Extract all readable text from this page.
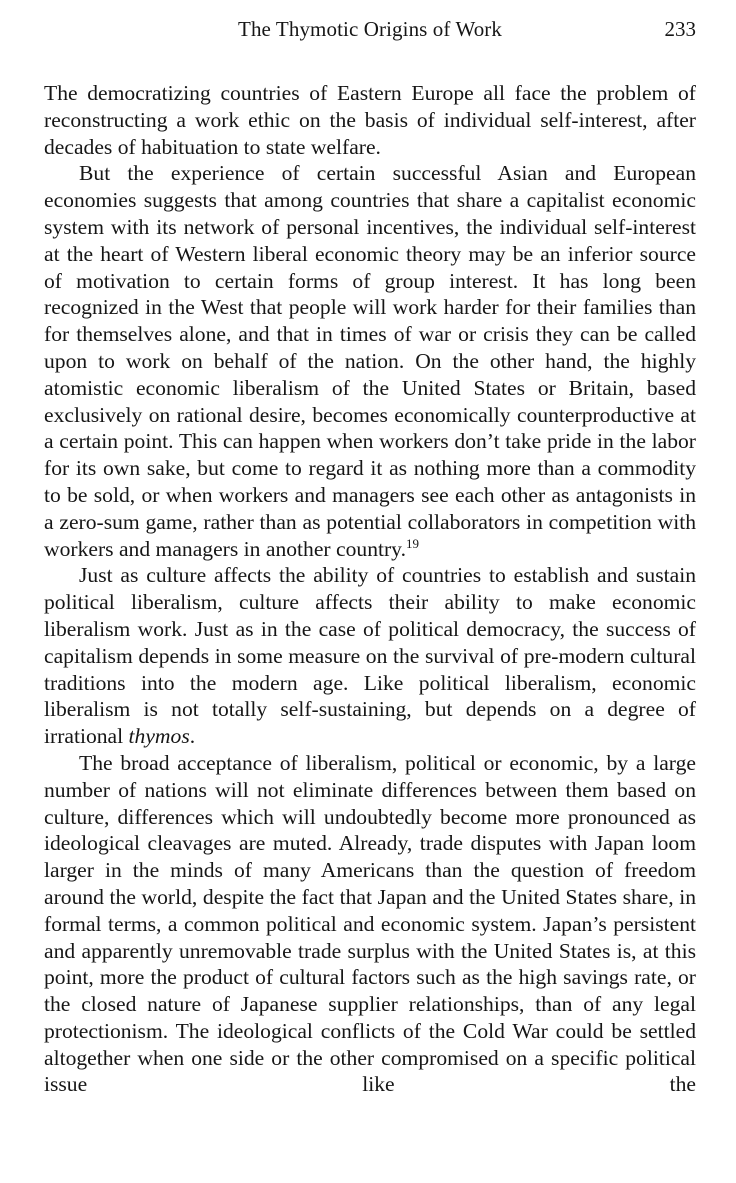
The Thymotic Origins of Work	233

The democratizing countries of Eastern Europe all face the problem of reconstructing a work ethic on the basis of individual self-interest, after decades of habituation to state welfare.

But the experience of certain successful Asian and European economies suggests that among countries that share a capitalist economic system with its network of personal incentives, the individual self-interest at the heart of Western liberal economic theory may be an inferior source of motivation to certain forms of group interest. It has long been recognized in the West that people will work harder for their families than for themselves alone, and that in times of war or crisis they can be called upon to work on behalf of the nation. On the other hand, the highly atomistic economic liberalism of the United States or Britain, based exclusively on rational desire, becomes economically counterproductive at a certain point. This can happen when workers don’t take pride in the labor for its own sake, but come to regard it as nothing more than a commodity to be sold, or when workers and managers see each other as antagonists in a zero-sum game, rather than as potential collaborators in competition with workers and managers in another country.$^{19}$

Just as culture affects the ability of countries to establish and sustain political liberalism, culture affects their ability to make economic liberalism work. Just as in the case of political democracy, the success of capitalism depends in some measure on the survival of pre-modern cultural traditions into the modern age. Like political liberalism, economic liberalism is not totally self-sustaining, but depends on a degree of irrational thymos.

The broad acceptance of liberalism, political or economic, by a large number of nations will not eliminate differences between them based on culture, differences which will undoubtedly become more pronounced as ideological cleavages are muted. Already, trade disputes with Japan loom larger in the minds of many Americans than the question of freedom around the world, despite the fact that Japan and the United States share, in formal terms, a common political and economic system. Japan’s persistent and apparently unremovable trade surplus with the United States is, at this point, more the product of cultural factors such as the high savings rate, or the closed nature of Japanese supplier relationships, than of any legal protectionism. The ideological conflicts of the Cold War could be settled altogether when one side or the other compromised on a specific political issue like the
